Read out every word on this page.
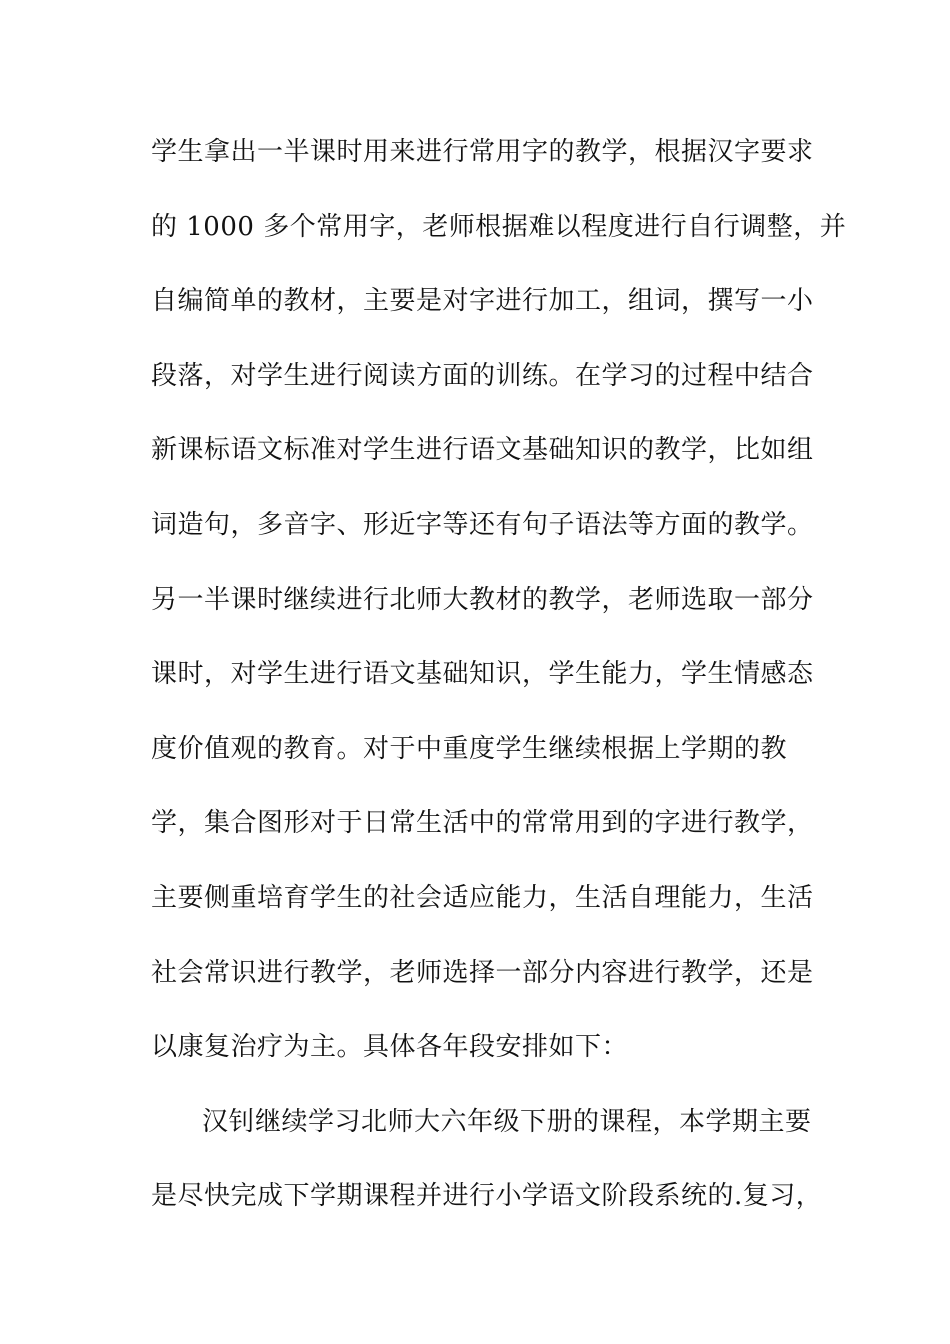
学生拿出一半课时用来进行常用字的教学，根据汉字要求
的 1000 多个常用字，老师根据难以程度进行自行调整，并
自编简单的教材，主要是对字进行加工，组词，撰写一小
段落，对学生进行阅读方面的训练。在学习的过程中结合
新课标语文标准对学生进行语文基础知识的教学，比如组
词造句，多音字、形近字等还有句子语法等方面的教学。
另一半课时继续进行北师大教材的教学，老师选取一部分
课时，对学生进行语文基础知识，学生能力，学生情感态
度价值观的教育。对于中重度学生继续根据上学期的教
学，集合图形对于日常生活中的常常用到的字进行教学，
主要侧重培育学生的社会适应能力，生活自理能力，生活
社会常识进行教学，老师选择一部分内容进行教学，还是
以康复治疗为主。具体各年段安排如下：
汉钊继续学习北师大六年级下册的课程，本学期主要
是尽快完成下学期课程并进行小学语文阶段系统的.复习，
